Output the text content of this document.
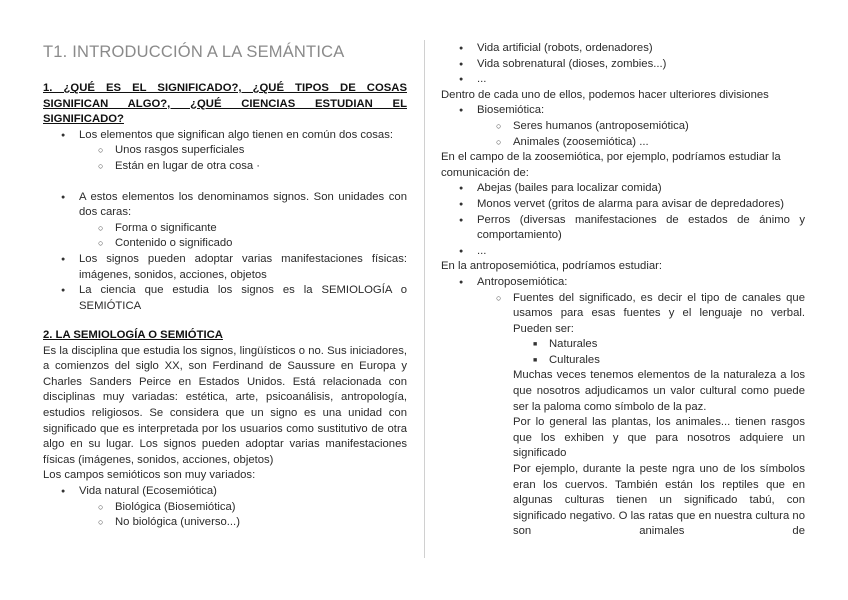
T1. INTRODUCCIÓN A LA SEMÁNTICA
1. ¿QUÉ ES EL SIGNIFICADO?, ¿QUÉ TIPOS DE COSAS SIGNIFICAN ALGO?, ¿QUÉ CIENCIAS ESTUDIAN EL SIGNIFICADO?
● Los elementos que significan algo tienen en común dos cosas:
○ Unos rasgos superficiales
○ Están en lugar de otra cosa ·
● A estos elementos los denominamos signos. Son unidades con dos caras:
○ Forma o significante
○ Contenido o significado
● Los signos pueden adoptar varias manifestaciones físicas: imágenes, sonidos, acciones, objetos
● La ciencia que estudia los signos es la SEMIOLOGÍA o SEMIÓTICA
2. LA SEMIOLOGÍA O SEMIÓTICA
Es la disciplina que estudia los signos, lingüísticos o no. Sus iniciadores, a comienzos del siglo XX, son Ferdinand de Saussure en Europa y Charles Sanders Peirce en Estados Unidos. Está relacionada con disciplinas muy variadas: estética, arte, psicoanálisis, antropología, estudios religiosos. Se considera que un signo es una unidad con significado que es interpretada por los usuarios como sustitutivo de otra algo en su lugar. Los signos pueden adoptar varias manifestaciones físicas (imágenes, sonidos, acciones, objetos)
Los campos semióticos son muy variados:
● Vida natural (Ecosemiótica)
○ Biológica (Biosemiótica)
○ No biológica (universo...)
● Vida artificial (robots, ordenadores)
● Vida sobrenatural (dioses, zombies...)
● ...
Dentro de cada uno de ellos, podemos hacer ulteriores divisiones
● Biosemiótica:
○ Seres humanos (antroposemiótica)
○ Animales (zoosemiótica) ...
En el campo de la zoosemiótica, por ejemplo, podríamos estudiar la comunicación de:
● Abejas (bailes para localizar comida)
● Monos vervet (gritos de alarma para avisar de depredadores)
● Perros (diversas manifestaciones de estados de ánimo y comportamiento)
● ...
En la antroposemiótica, podríamos estudiar:
● Antroposemiótica:
○ Fuentes del significado, es decir el tipo de canales que usamos para esas fuentes y el lenguaje no verbal. Pueden ser:
■ Naturales
■ Culturales
Muchas veces tenemos elementos de la naturaleza a los que nosotros adjudicamos un valor cultural como puede ser la paloma como símbolo de la paz.
Por lo general las plantas, los animales... tienen rasgos que los exhiben y que para nosotros adquiere un significado
Por ejemplo, durante la peste ngra uno de los símbolos eran los cuervos. También están los reptiles que en algunas culturas tienen un significado tabú, con significado negativo. O las ratas que en nuestra cultura no son animales de
